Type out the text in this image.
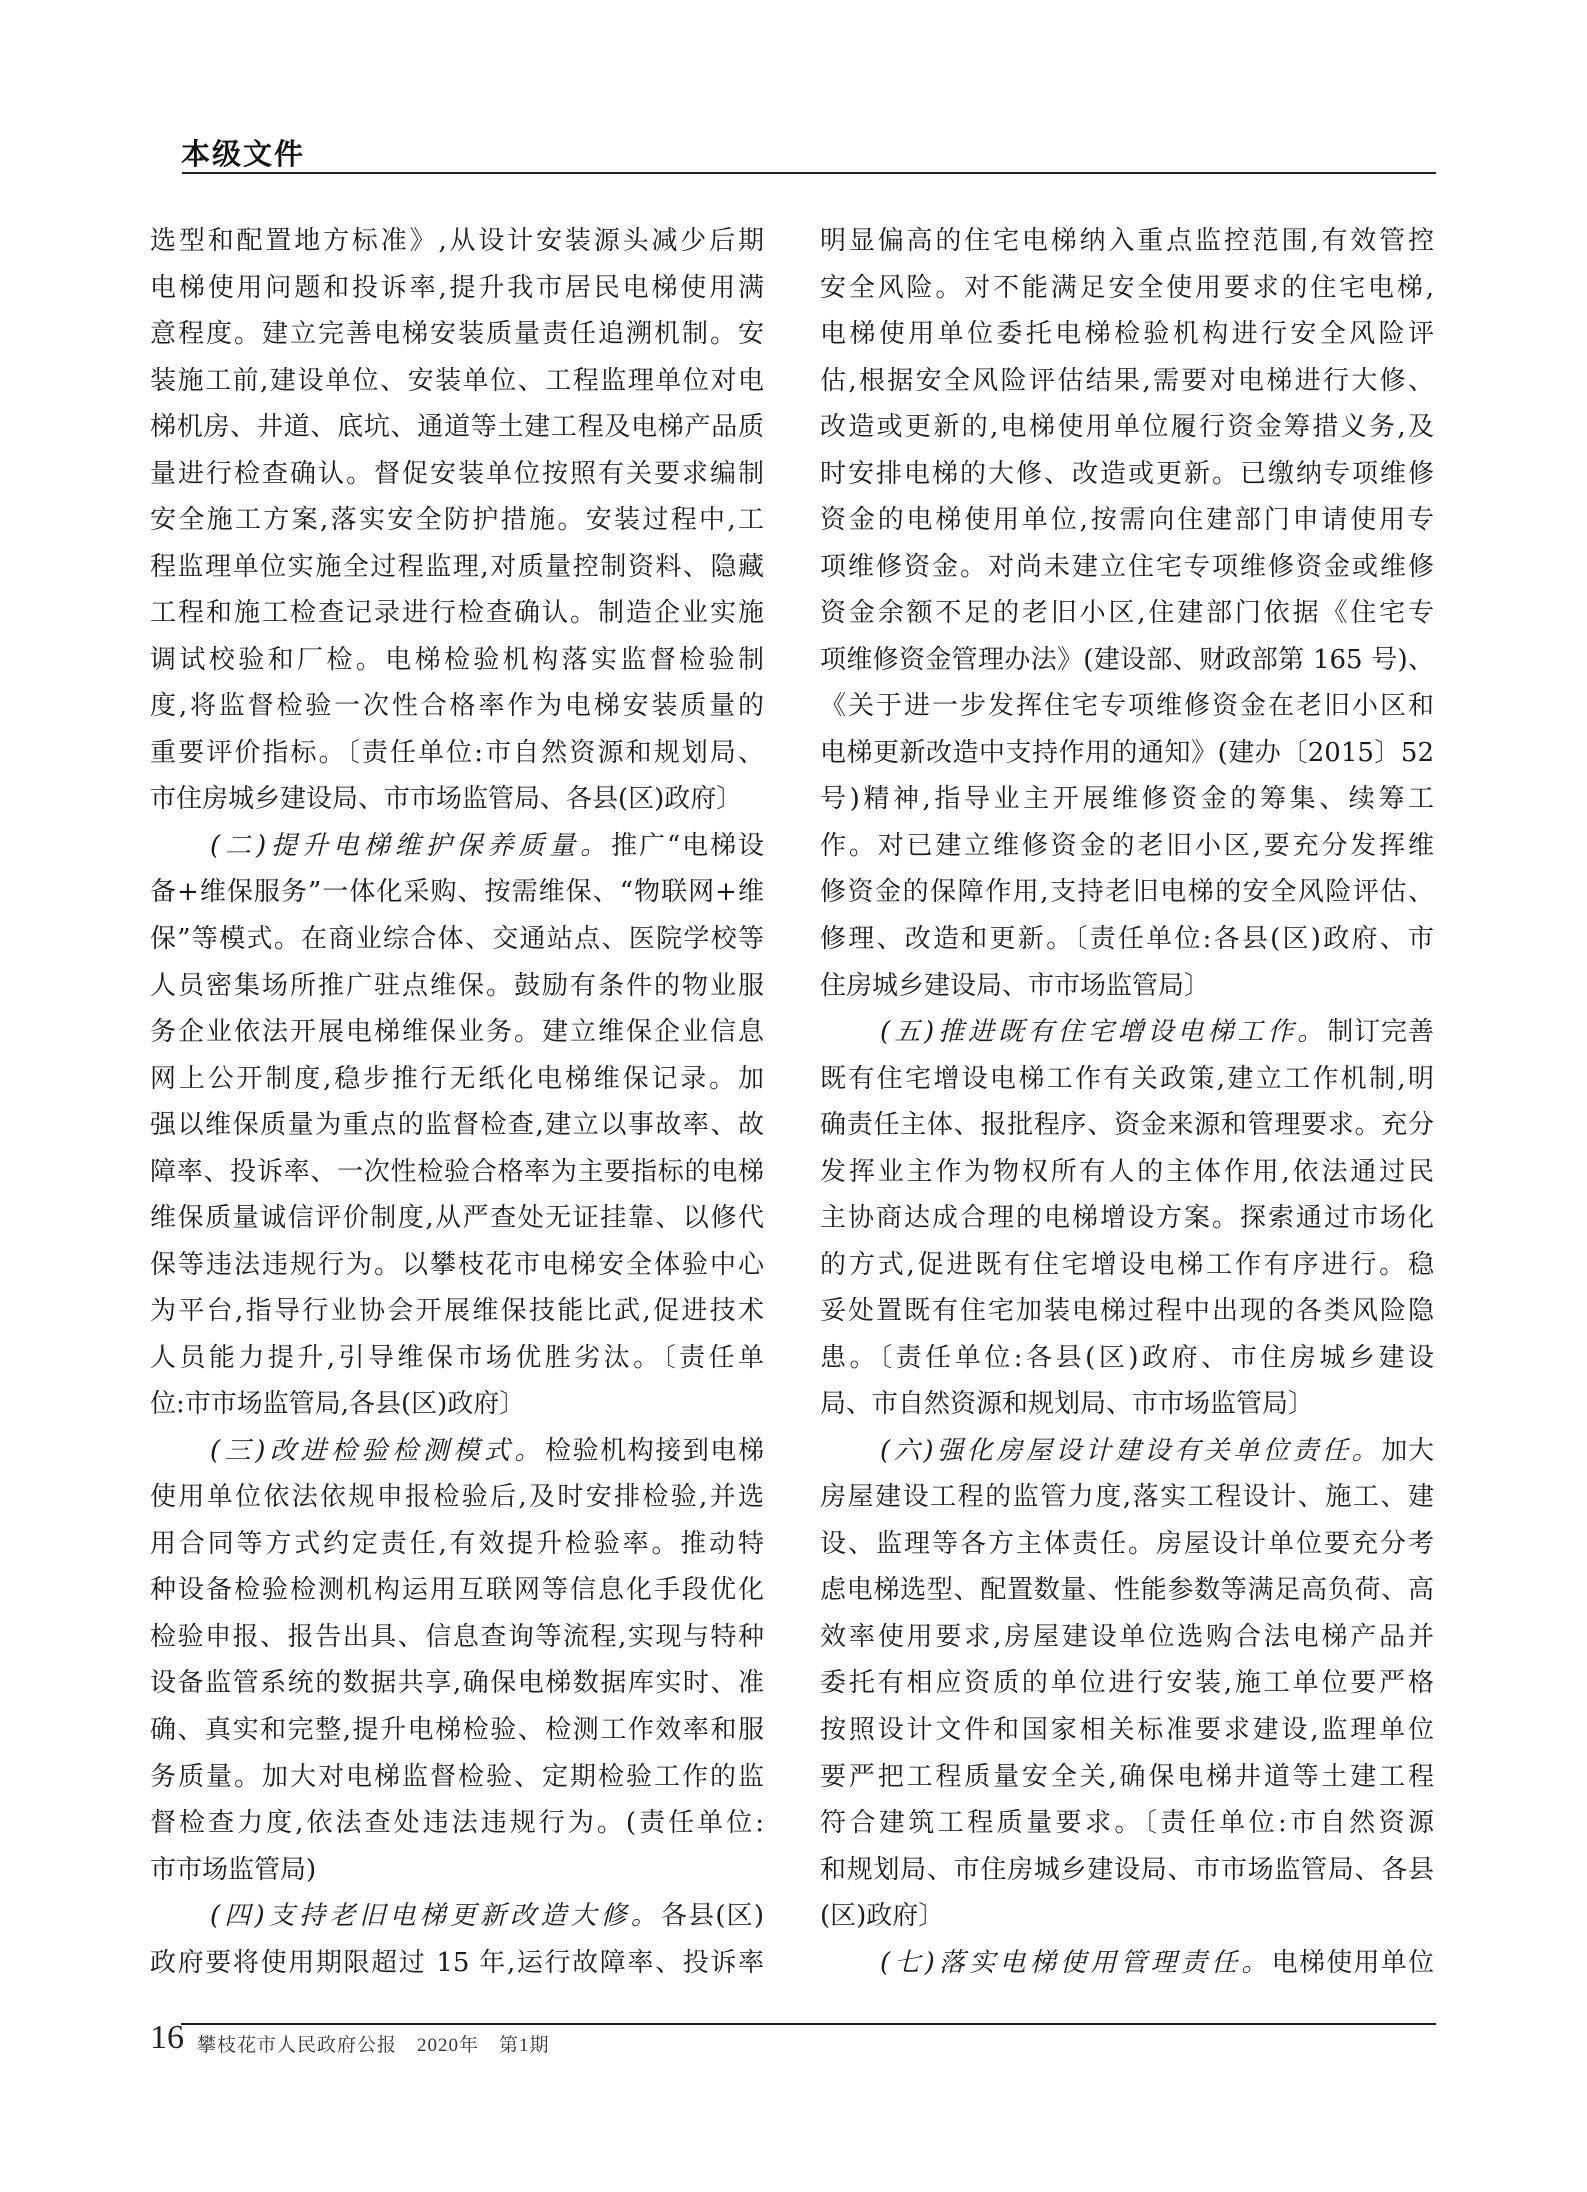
本级文件
选型和配置地方标准》,从设计安装源头减少后期
电梯使用问题和投诉率,提升我市居民电梯使用满
意程度。建立完善电梯安装质量责任追溯机制。安
装施工前,建设单位、安装单位、工程监理单位对电
梯机房、井道、底坑、通道等土建工程及电梯产品质
量进行检查确认。督促安装单位按照有关要求编制
安全施工方案,落实安全防护措施。安装过程中,工
程监理单位实施全过程监理,对质量控制资料、隐藏
工程和施工检查记录进行检查确认。制造企业实施
调试校验和厂检。电梯检验机构落实监督检验制
度,将监督检验一次性合格率作为电梯安装质量的
重要评价指标。〔责任单位:市自然资源和规划局、
市住房城乡建设局、市市场监管局、各县(区)政府〕
(二)提升电梯维护保养质量。推广“电梯设
备+维保服务”一体化采购、按需维保、“物联网+维
保”等模式。在商业综合体、交通站点、医院学校等
人员密集场所推广驻点维保。鼓励有条件的物业服
务企业依法开展电梯维保业务。建立维保企业信息
网上公开制度,稳步推行无纸化电梯维保记录。加
强以维保质量为重点的监督检查,建立以事故率、故
障率、投诉率、一次性检验合格率为主要指标的电梯
维保质量诚信评价制度,从严查处无证挂靠、以修代
保等违法违规行为。以攀枝花市电梯安全体验中心
为平台,指导行业协会开展维保技能比武,促进技术
人员能力提升,引导维保市场优胜劣汰。〔责任单
位:市市场监管局,各县(区)政府〕
(三)改进检验检测模式。检验机构接到电梯
使用单位依法依规申报检验后,及时安排检验,并选
用合同等方式约定责任,有效提升检验率。推动特
种设备检验检测机构运用互联网等信息化手段优化
检验申报、报告出具、信息查询等流程,实现与特种
设备监管系统的数据共享,确保电梯数据库实时、准
确、真实和完整,提升电梯检验、检测工作效率和服
务质量。加大对电梯监督检验、定期检验工作的监
督检查力度,依法查处违法违规行为。(责任单位:
市市场监管局)
(四)支持老旧电梯更新改造大修。各县(区)
政府要将使用期限超过 15 年,运行故障率、投诉率
明显偏高的住宅电梯纳入重点监控范围,有效管控
安全风险。对不能满足安全使用要求的住宅电梯,
电梯使用单位委托电梯检验机构进行安全风险评
估,根据安全风险评估结果,需要对电梯进行大修、
改造或更新的,电梯使用单位履行资金筹措义务,及
时安排电梯的大修、改造或更新。已缴纳专项维修
资金的电梯使用单位,按需向住建部门申请使用专
项维修资金。对尚未建立住宅专项维修资金或维修
资金余额不足的老旧小区,住建部门依据《住宅专
项维修资金管理办法》(建设部、财政部第 165 号)、
《关于进一步发挥住宅专项维修资金在老旧小区和
电梯更新改造中支持作用的通知》(建办〔2015〕52
号)精神,指导业主开展维修资金的筹集、续筹工
作。对已建立维修资金的老旧小区,要充分发挥维
修资金的保障作用,支持老旧电梯的安全风险评估、
修理、改造和更新。〔责任单位:各县(区)政府、市
住房城乡建设局、市市场监管局〕
(五)推进既有住宅增设电梯工作。制订完善
既有住宅增设电梯工作有关政策,建立工作机制,明
确责任主体、报批程序、资金来源和管理要求。充分
发挥业主作为物权所有人的主体作用,依法通过民
主协商达成合理的电梯增设方案。探索通过市场化
的方式,促进既有住宅增设电梯工作有序进行。稳
妥处置既有住宅加装电梯过程中出现的各类风险隐
患。〔责任单位:各县(区)政府、市住房城乡建设
局、市自然资源和规划局、市市场监管局〕
(六)强化房屋设计建设有关单位责任。加大
房屋建设工程的监管力度,落实工程设计、施工、建
设、监理等各方主体责任。房屋设计单位要充分考
虑电梯选型、配置数量、性能参数等满足高负荷、高
效率使用要求,房屋建设单位选购合法电梯产品并
委托有相应资质的单位进行安装,施工单位要严格
按照设计文件和国家相关标准要求建设,监理单位
要严把工程质量安全关,确保电梯井道等土建工程
符合建筑工程质量要求。〔责任单位:市自然资源
和规划局、市住房城乡建设局、市市场监管局、各县
(区)政府〕
(七)落实电梯使用管理责任。电梯使用单位
16 攀枝花市人民政府公报　2020年　第1期
